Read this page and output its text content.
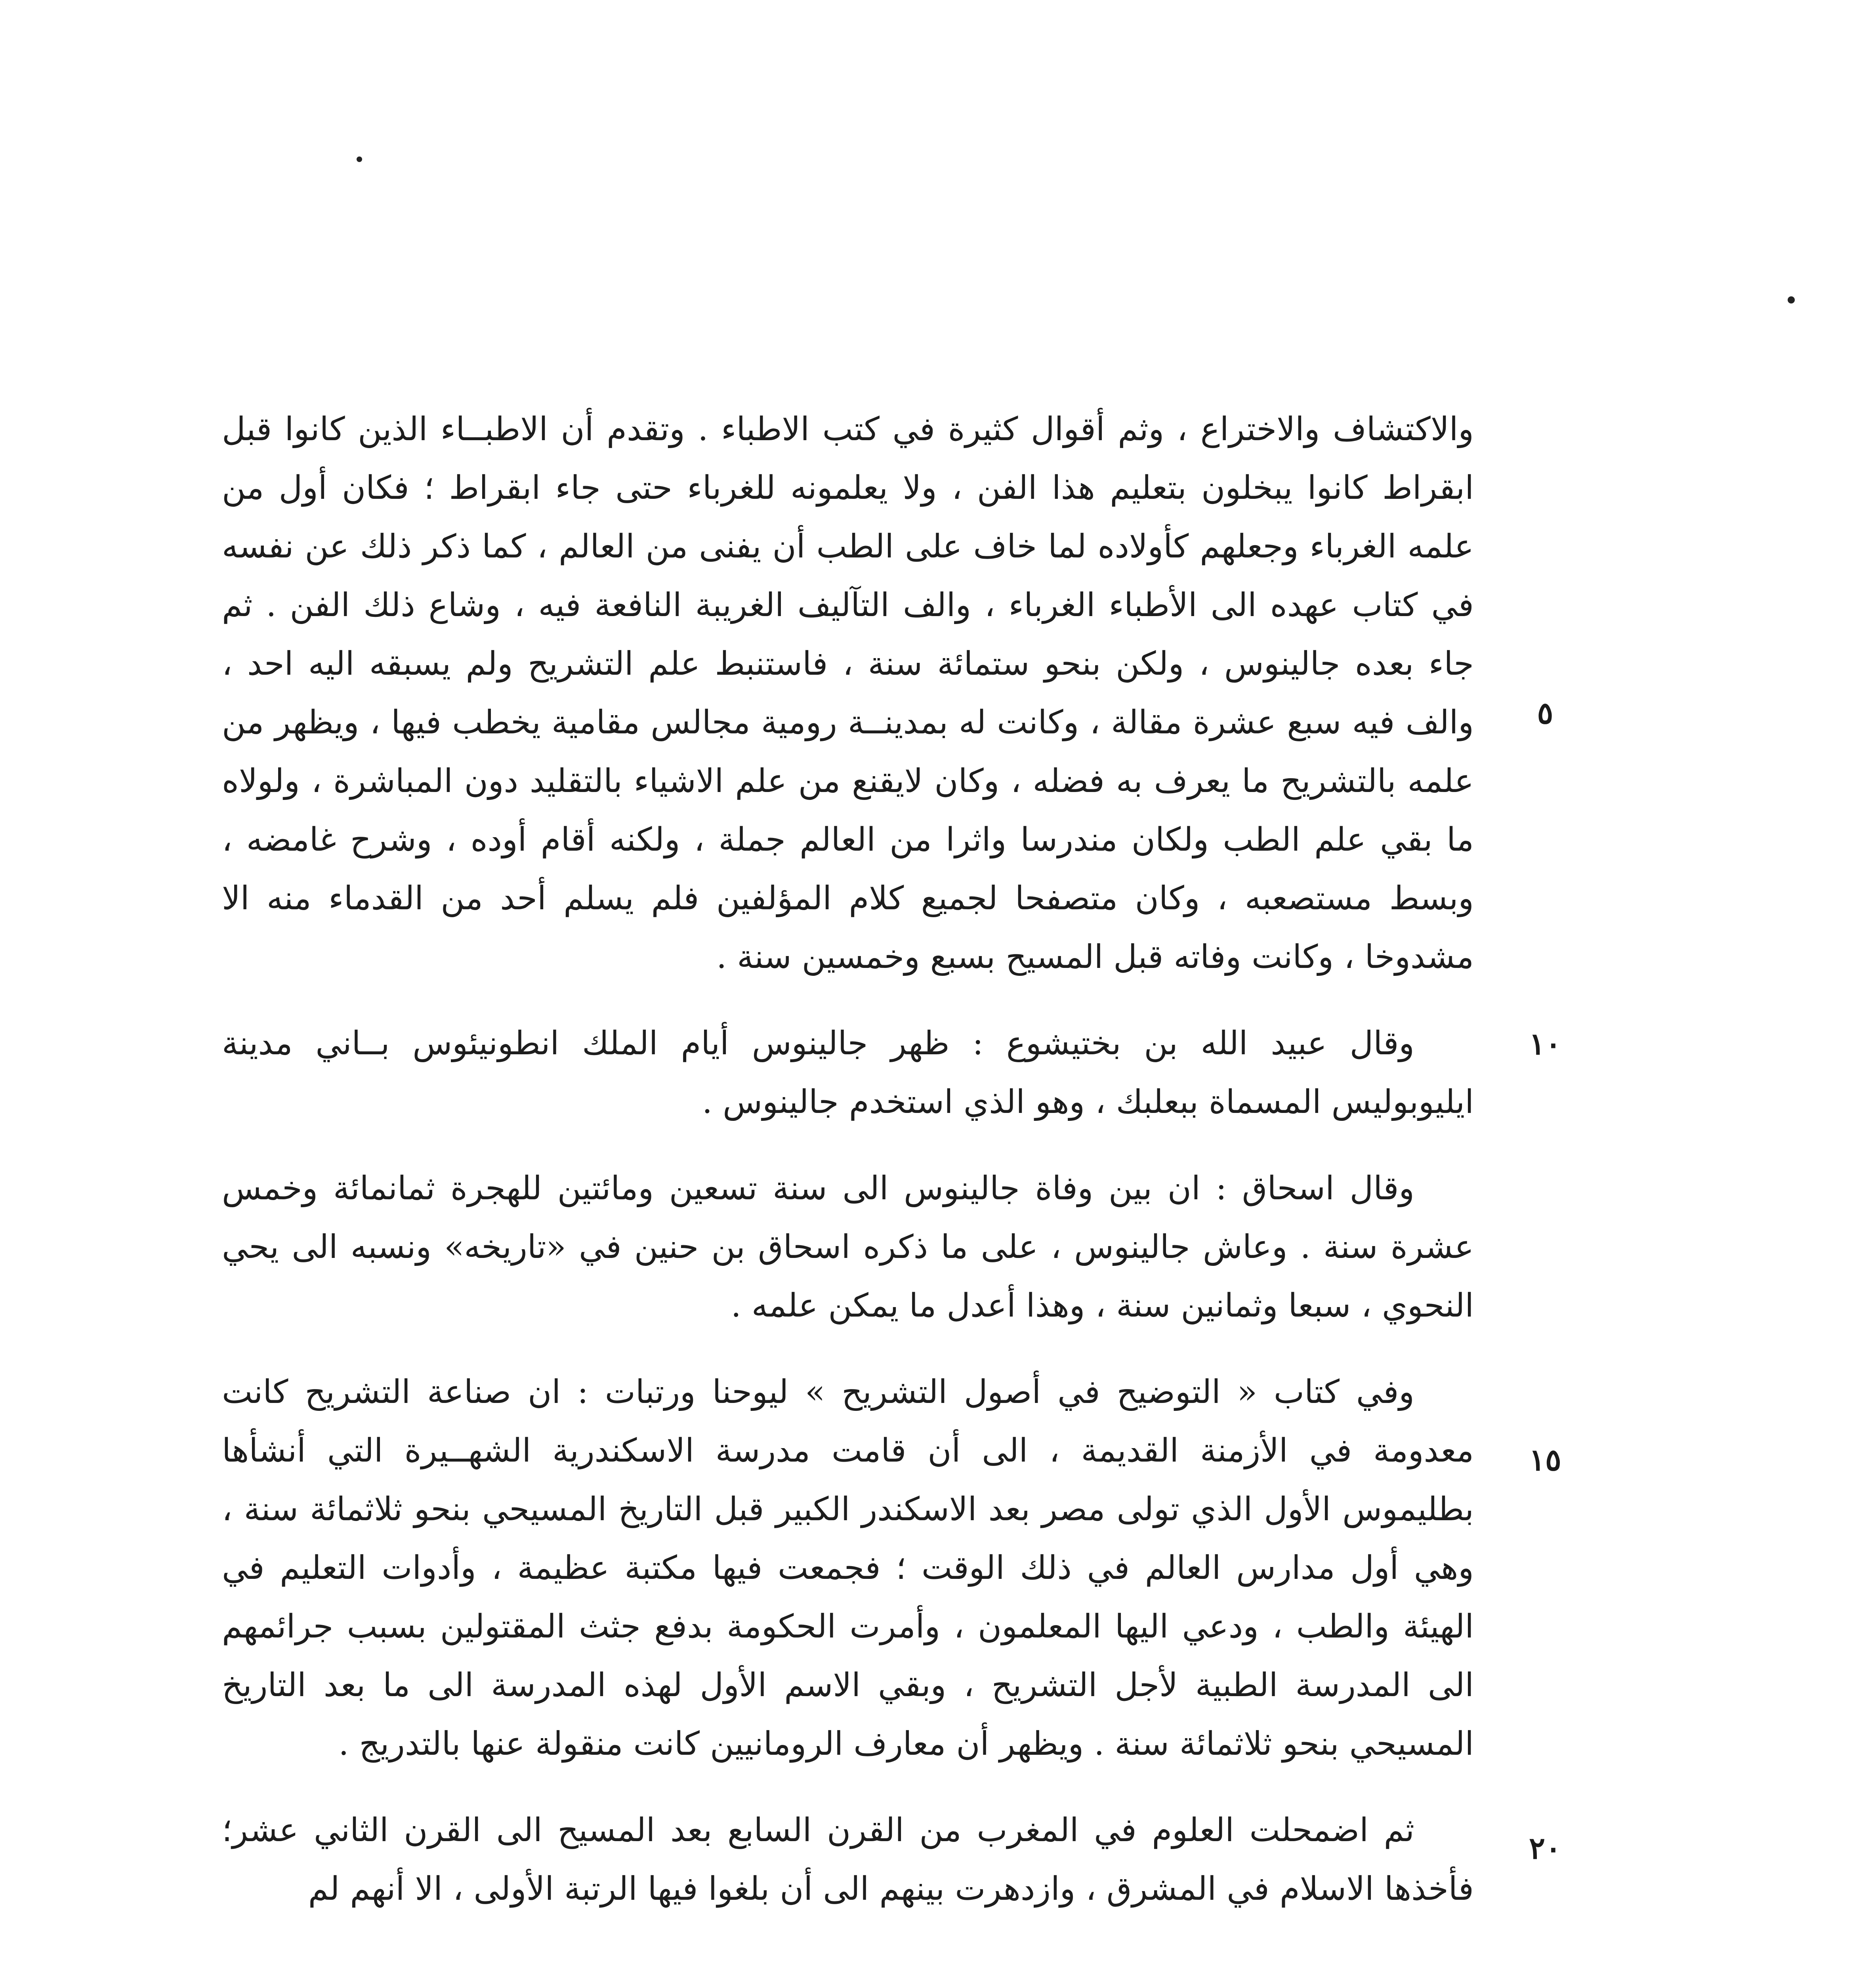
والاكتشاف والاختراع ، وثم أقوال كثيرة في كتب الاطباء . وتقدم أن الاطبــاء الذين كانوا قبل ابقراط كانوا يبخلون بتعليم هذا الفن ، ولا يعلمونه للغرباء حتى جاء ابقراط ؛ فكان أول من علمه الغرباء وجعلهم كأولاده لما خاف على الطب أن يفنى من العالم ، كما ذكر ذلك عن نفسه في كتاب عهده الى الأطباء الغرباء ، والف التآليف الغريبة النافعة فيه ، وشاع ذلك الفن . ثم جاء بعده جالينوس ، ولكن بنحو ستمائة سنة ، فاستنبط علم التشريح ولم يسبقه اليه احد ، والف فيه سبع عشرة مقالة ، وكانت له بمدينــة رومية مجالس مقامية يخطب فيها ، ويظهر من علمه بالتشريح ما يعرف به فضله ، وكان لايقنع من علم الاشياء بالتقليد دون المباشرة ، ولولاه ما بقي علم الطب ولكان مندرسا واثرا من العالم جملة ، ولكنه أقام أوده ، وشرح غامضه ، وبسط مستصعبه ، وكان متصفحا لجميع كلام المؤلفين فلم يسلم أحد من القدماء منه الا مشدوخا ، وكانت وفاته قبل المسيح بسبع وخمسين سنة .

وقال عبيد الله بن بختيشوع : ظهر جالينوس أيام الملك انطونيئوس بــاني مدينة ايليوبوليس المسماة ببعلبك ، وهو الذي استخدم جالينوس .

وقال اسحاق : ان بين وفاة جالينوس الى سنة تسعين ومائتين للهجرة ثمانمائة وخمس عشرة سنة . وعاش جالينوس ، على ما ذكره اسحاق بن حنين في «تاريخه» ونسبه الى يحي النحوي ، سبعا وثمانين سنة ، وهذا أعدل ما يمكن علمه .

وفي كتاب « التوضيح في أصول التشريح » ليوحنا ورتبات : ان صناعة التشريح كانت معدومة في الأزمنة القديمة ، الى أن قامت مدرسة الاسكندرية الشهــيرة التي أنشأها بطليموس الأول الذي تولى مصر بعد الاسكندر الكبير قبل التاريخ المسيحي بنحو ثلاثمائة سنة ، وهي أول مدارس العالم في ذلك الوقت ؛ فجمعت فيها مكتبة عظيمة ، وأدوات التعليم في الهيئة والطب ، ودعي اليها المعلمون ، وأمرت الحكومة بدفع جثث المقتولين بسبب جرائمهم الى المدرسة الطبية لأجل التشريح ، وبقي الاسم الأول لهذه المدرسة الى ما بعد التاريخ المسيحي بنحو ثلاثمائة سنة . ويظهر أن معارف الرومانيين كانت منقولة عنها بالتدريج .

ثم اضمحلت العلوم في المغرب من القرن السابع بعد المسيح الى القرن الثاني عشر؛ فأخذها الاسلام في المشرق ، وازدهرت بينهم الى أن بلغوا فيها الرتبة الأولى ، الا أنهم لم

٥
١٠
١٥
٢٠
